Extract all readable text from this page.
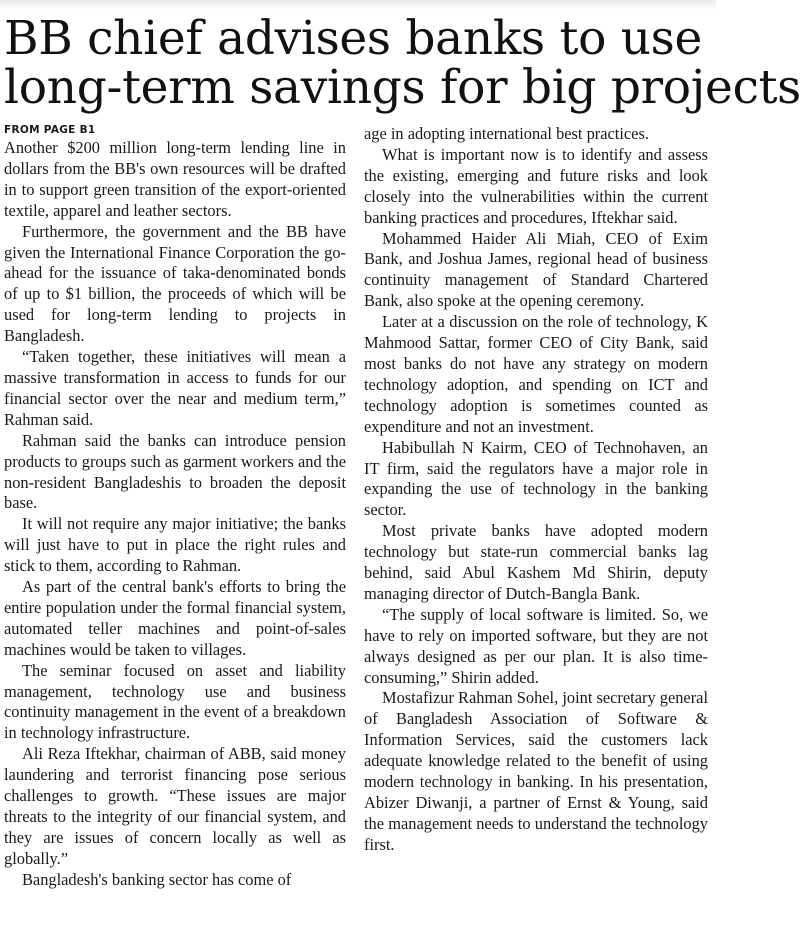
BB chief advises banks to use
long-term savings for big projects
FROM PAGE B1

Another $200 million long-term lending line in dollars from the BB's own resources will be drafted in to support green transition of the export-oriented textile, apparel and leather sectors.

Furthermore, the government and the BB have given the International Finance Corporation the go-ahead for the issuance of taka-denominated bonds of up to $1 billion, the proceeds of which will be used for long-term lending to projects in Bangladesh.

“Taken together, these initiatives will mean a massive transformation in access to funds for our financial sector over the near and medium term,” Rahman said.

Rahman said the banks can introduce pension products to groups such as garment workers and the non-resident Bangladeshis to broaden the deposit base.

It will not require any major initiative; the banks will just have to put in place the right rules and stick to them, according to Rahman.

As part of the central bank's efforts to bring the entire population under the formal financial system, automated teller machines and point-of-sales machines would be taken to villages.

The seminar focused on asset and liability management, technology use and business continuity management in the event of a breakdown in technology infrastructure.

Ali Reza Iftekhar, chairman of ABB, said money laundering and terrorist financing pose serious challenges to growth. “These issues are major threats to the integrity of our financial system, and they are issues of concern locally as well as globally.”

Bangladesh's banking sector has come of

age in adopting international best practices.

What is important now is to identify and assess the existing, emerging and future risks and look closely into the vulnerabilities within the current banking practices and procedures, Iftekhar said.

Mohammed Haider Ali Miah, CEO of Exim Bank, and Joshua James, regional head of business continuity management of Standard Chartered Bank, also spoke at the opening ceremony.

Later at a discussion on the role of technology, K Mahmood Sattar, former CEO of City Bank, said most banks do not have any strategy on modern technology adoption, and spending on ICT and technology adoption is sometimes counted as expenditure and not an investment.

Habibullah N Kairm, CEO of Technohaven, an IT firm, said the regulators have a major role in expanding the use of technology in the banking sector.

Most private banks have adopted modern technology but state-run commercial banks lag behind, said Abul Kashem Md Shirin, deputy managing director of Dutch-Bangla Bank.

“The supply of local software is limited. So, we have to rely on imported software, but they are not always designed as per our plan. It is also time-consuming,” Shirin added.

Mostafizur Rahman Sohel, joint secretary general of Bangladesh Association of Software & Information Services, said the customers lack adequate knowledge related to the benefit of using modern technology in banking. In his presentation, Abizer Diwanji, a partner of Ernst & Young, said the management needs to understand the technology first.
